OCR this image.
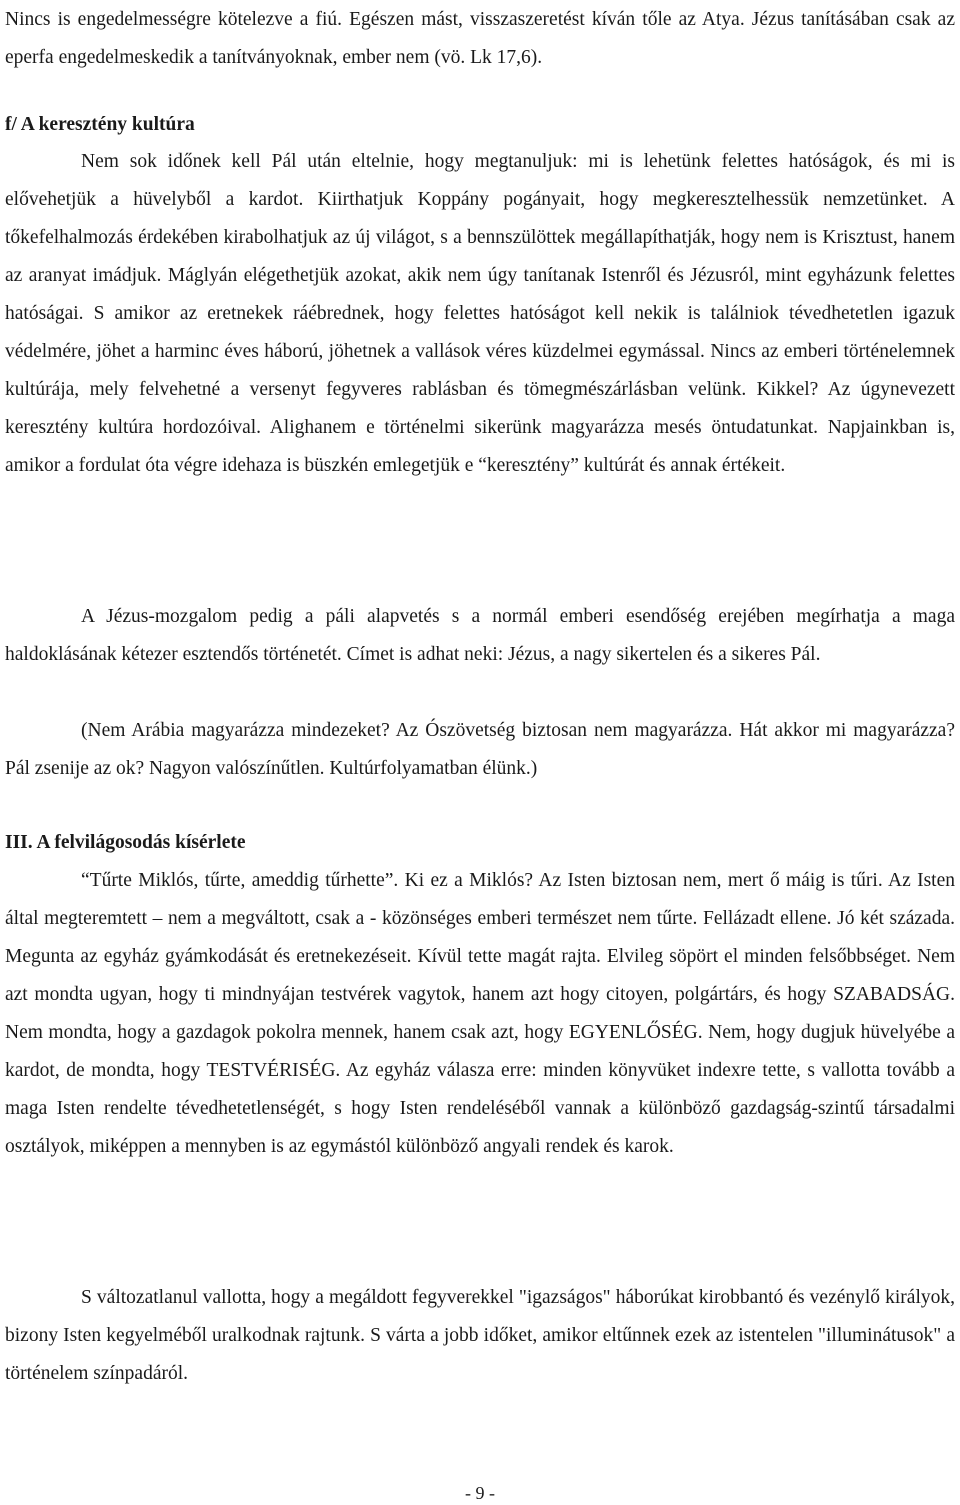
Nincs is engedelmességre kötelezve a fiú. Egészen mást, visszaszeretést kíván tőle az Atya. Jézus tanításában csak az eperfa engedelmeskedik a tanítványoknak, ember nem (vö. Lk 17,6).

f/ A keresztény kultúra

Nem sok időnek kell Pál után eltelnie, hogy megtanuljuk: mi is lehetünk felettes hatóságok, és mi is elővehetjük a hüvelyből a kardot. Kiirthatjuk Koppány pogányait, hogy megkeresztelhessük nemzetünket. A tőkefelhalmozás érdekében kirabolhatjuk az új világot, s a bennszülöttek megállapíthatják, hogy nem is Krisztust, hanem az aranyat imádjuk. Máglyán elégethetjük azokat, akik nem úgy tanítanak Istenről és Jézusról, mint egyházunk felettes hatóságai. S amikor az eretnekek ráébrednek, hogy felettes hatóságot kell nekik is találniok tévedhetetlen igazuk védelmére, jöhet a harminc éves háború, jöhetnek a vallások véres küzdelmei egymással. Nincs az emberi történelemnek kultúrája, mely felvehetné a versenyt fegyveres rablásban és tömegmészárlásban velünk. Kikkel? Az úgynevezett keresztény kultúra hordozóival. Alighanem e történelmi sikerünk magyarázza mesés öntudatunkat. Napjainkban is, amikor a fordulat óta végre idehaza is büszkén emlegetjük e “keresztény” kultúrát és annak értékeit.

A Jézus-mozgalom pedig a páli alapvetés s a normál emberi esendőség erejében megírhatja a maga haldoklásának kétezer esztendős történetét. Címet is adhat neki: Jézus, a nagy sikertelen és a sikeres Pál.

(Nem Arábia magyarázza mindezeket? Az Ószövetség biztosan nem magyarázza. Hát akkor mi magyarázza? Pál zsenije az ok? Nagyon valószínűtlen. Kultúrfolyamatban élünk.)

III. A felvilágosodás kísérlete

“Tűrte Miklós, tűrte, ameddig tűrhette”. Ki ez a Miklós? Az Isten biztosan nem, mert ő máig is tűri. Az Isten által megteremtett – nem a megváltott, csak a - közönséges emberi természet nem tűrte. Fellázadt ellene. Jó két százada. Megunta az egyház gyámkodását és eretnekezéseit. Kívül tette magát rajta. Elvileg söpört el minden felsőbbséget. Nem azt mondta ugyan, hogy ti mindnyájan testvérek vagytok, hanem azt hogy citoyen, polgártárs, és hogy SZABADSÁG. Nem mondta, hogy a gazdagok pokolra mennek, hanem csak azt, hogy EGYENLŐSÉG. Nem, hogy dugjuk hüvelyébe a kardot, de mondta, hogy TESTVÉRISÉG. Az egyház válasza erre: minden könyvüket indexre tette, s vallotta tovább a maga Isten rendelte tévedhetetlenségét, s hogy Isten rendeléséből vannak a különböző gazdagság-szintű társadalmi osztályok, miképpen a mennyben is az egymástól különböző angyali rendek és karok.

S változatlanul vallotta, hogy a megáldott fegyverekkel "igazságos" háborúkat kirobbantó és vezénylő királyok, bizony Isten kegyelméből uralkodnak rajtunk. S várta a jobb időket, amikor eltűnnek ezek az istentelen "illuminátusok" a történelem színpadáról.

- 9 -
